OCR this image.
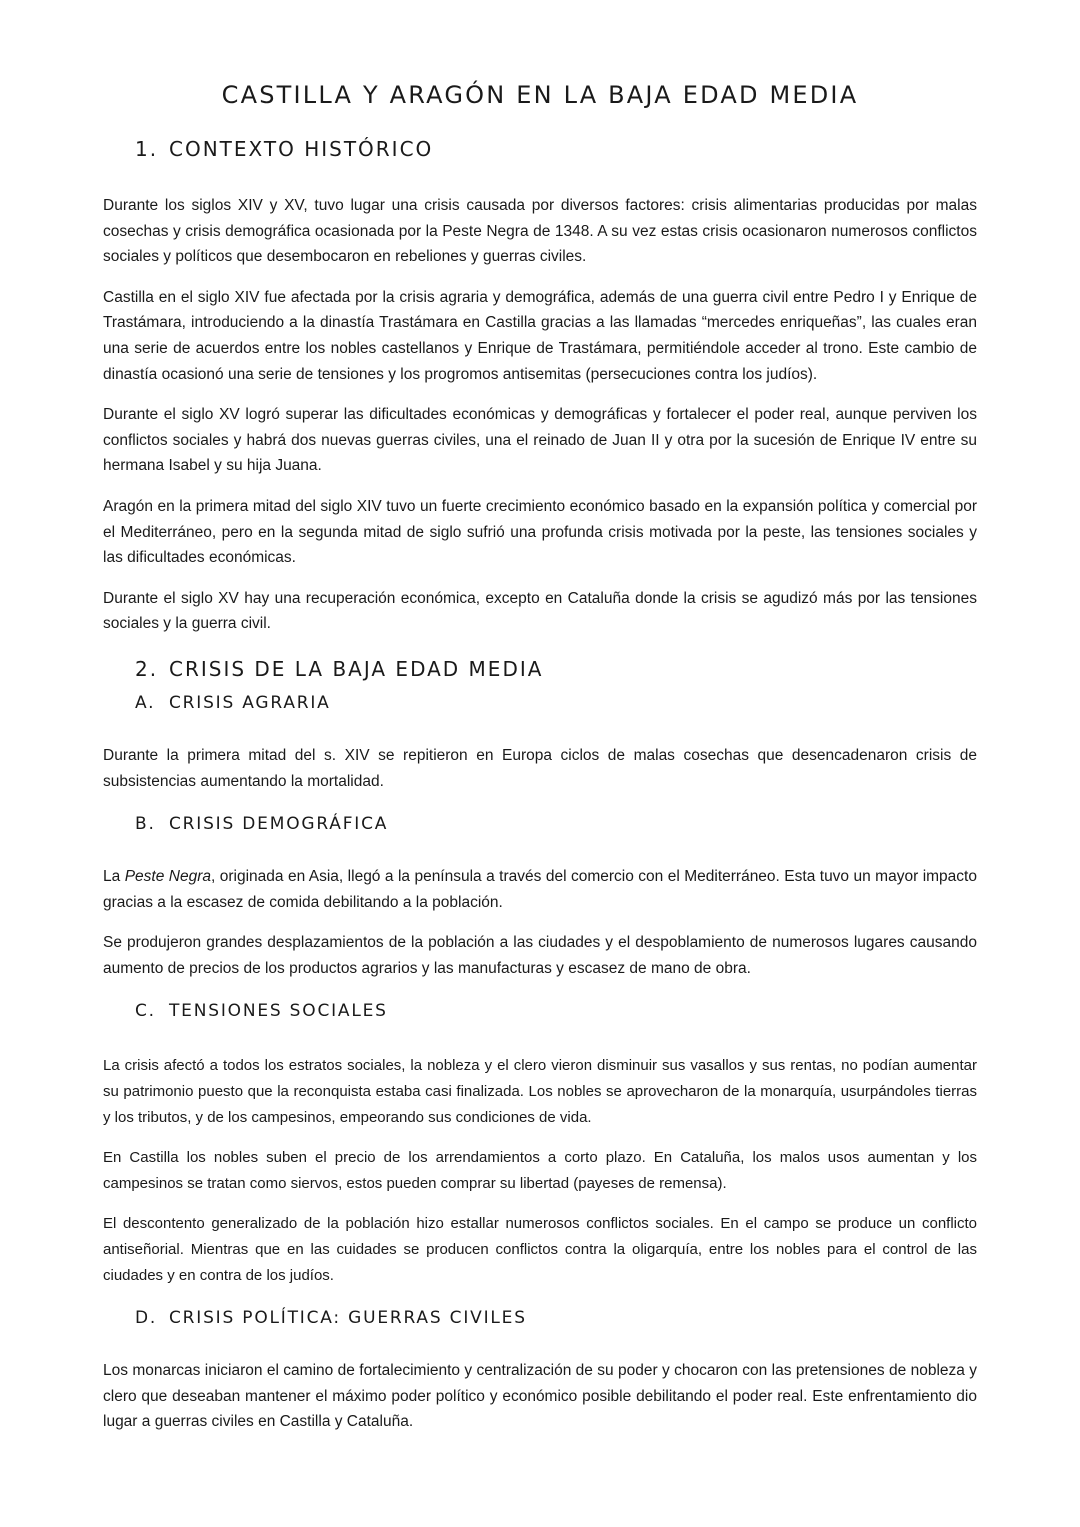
CASTILLA Y ARAGÓN EN LA BAJA EDAD MEDIA
1. CONTEXTO HISTÓRICO

Durante los siglos XIV y XV, tuvo lugar una crisis causada por diversos factores: crisis alimentarias producidas por malas cosechas y crisis demográfica ocasionada por la Peste Negra de 1348. A su vez estas crisis ocasionaron numerosos conflictos sociales y políticos que desembocaron en rebeliones y guerras civiles.

Castilla en el siglo XIV fue afectada por la crisis agraria y demográfica, además de una guerra civil entre Pedro I y Enrique de Trastámara, introduciendo a la dinastía Trastámara en Castilla gracias a las llamadas “mercedes enriqueñas”, las cuales eran una serie de acuerdos entre los nobles castellanos y Enrique de Trastámara, permitiéndole acceder al trono. Este cambio de dinastía ocasionó una serie de tensiones y los progromos antisemitas (persecuciones contra los judíos).

Durante el siglo XV logró superar las dificultades económicas y demográficas y fortalecer el poder real, aunque perviven los conflictos sociales y habrá dos nuevas guerras civiles, una el reinado de Juan II y otra por la sucesión de Enrique IV entre su hermana Isabel y su hija Juana.

Aragón en la primera mitad del siglo XIV tuvo un fuerte crecimiento económico basado en la expansión política y comercial por el Mediterráneo, pero en la segunda mitad de siglo sufrió una profunda crisis motivada por la peste, las tensiones sociales y las dificultades económicas.

Durante el siglo XV hay una recuperación económica, excepto en Cataluña donde la crisis se agudizó más por las tensiones sociales y la guerra civil.

2. CRISIS DE LA BAJA EDAD MEDIA
A. CRISIS AGRARIA

Durante la primera mitad del s. XIV se repitieron en Europa ciclos de malas cosechas que desencadenaron crisis de subsistencias aumentando la mortalidad.

B. CRISIS DEMOGRÁFICA

La Peste Negra, originada en Asia, llegó a la península a través del comercio con el Mediterráneo. Esta tuvo un mayor impacto gracias a la escasez de comida debilitando a la población.

Se produjeron grandes desplazamientos de la población a las ciudades y el despoblamiento de numerosos lugares causando aumento de precios de los productos agrarios y las manufacturas y escasez de mano de obra.

C. TENSIONES SOCIALES

La crisis afectó a todos los estratos sociales, la nobleza y el clero vieron disminuir sus vasallos y sus rentas, no podían aumentar su patrimonio puesto que la reconquista estaba casi finalizada. Los nobles se aprovecharon de la monarquía, usurpándoles tierras y los tributos, y de los campesinos, empeorando sus condiciones de vida.

En Castilla los nobles suben el precio de los arrendamientos a corto plazo. En Cataluña, los malos usos aumentan y los campesinos se tratan como siervos, estos pueden comprar su libertad (payeses de remensa).

El descontento generalizado de la población hizo estallar numerosos conflictos sociales. En el campo se produce un conflicto antiseñorial. Mientras que en las cuidades se producen conflictos contra la oligarquía, entre los nobles para el control de las ciudades y en contra de los judíos.

D. CRISIS POLÍTICA: GUERRAS CIVILES

Los monarcas iniciaron el camino de fortalecimiento y centralización de su poder y chocaron con las pretensiones de nobleza y clero que deseaban mantener el máximo poder político y económico posible debilitando el poder real. Este enfrentamiento dio lugar a guerras civiles en Castilla y Cataluña.
